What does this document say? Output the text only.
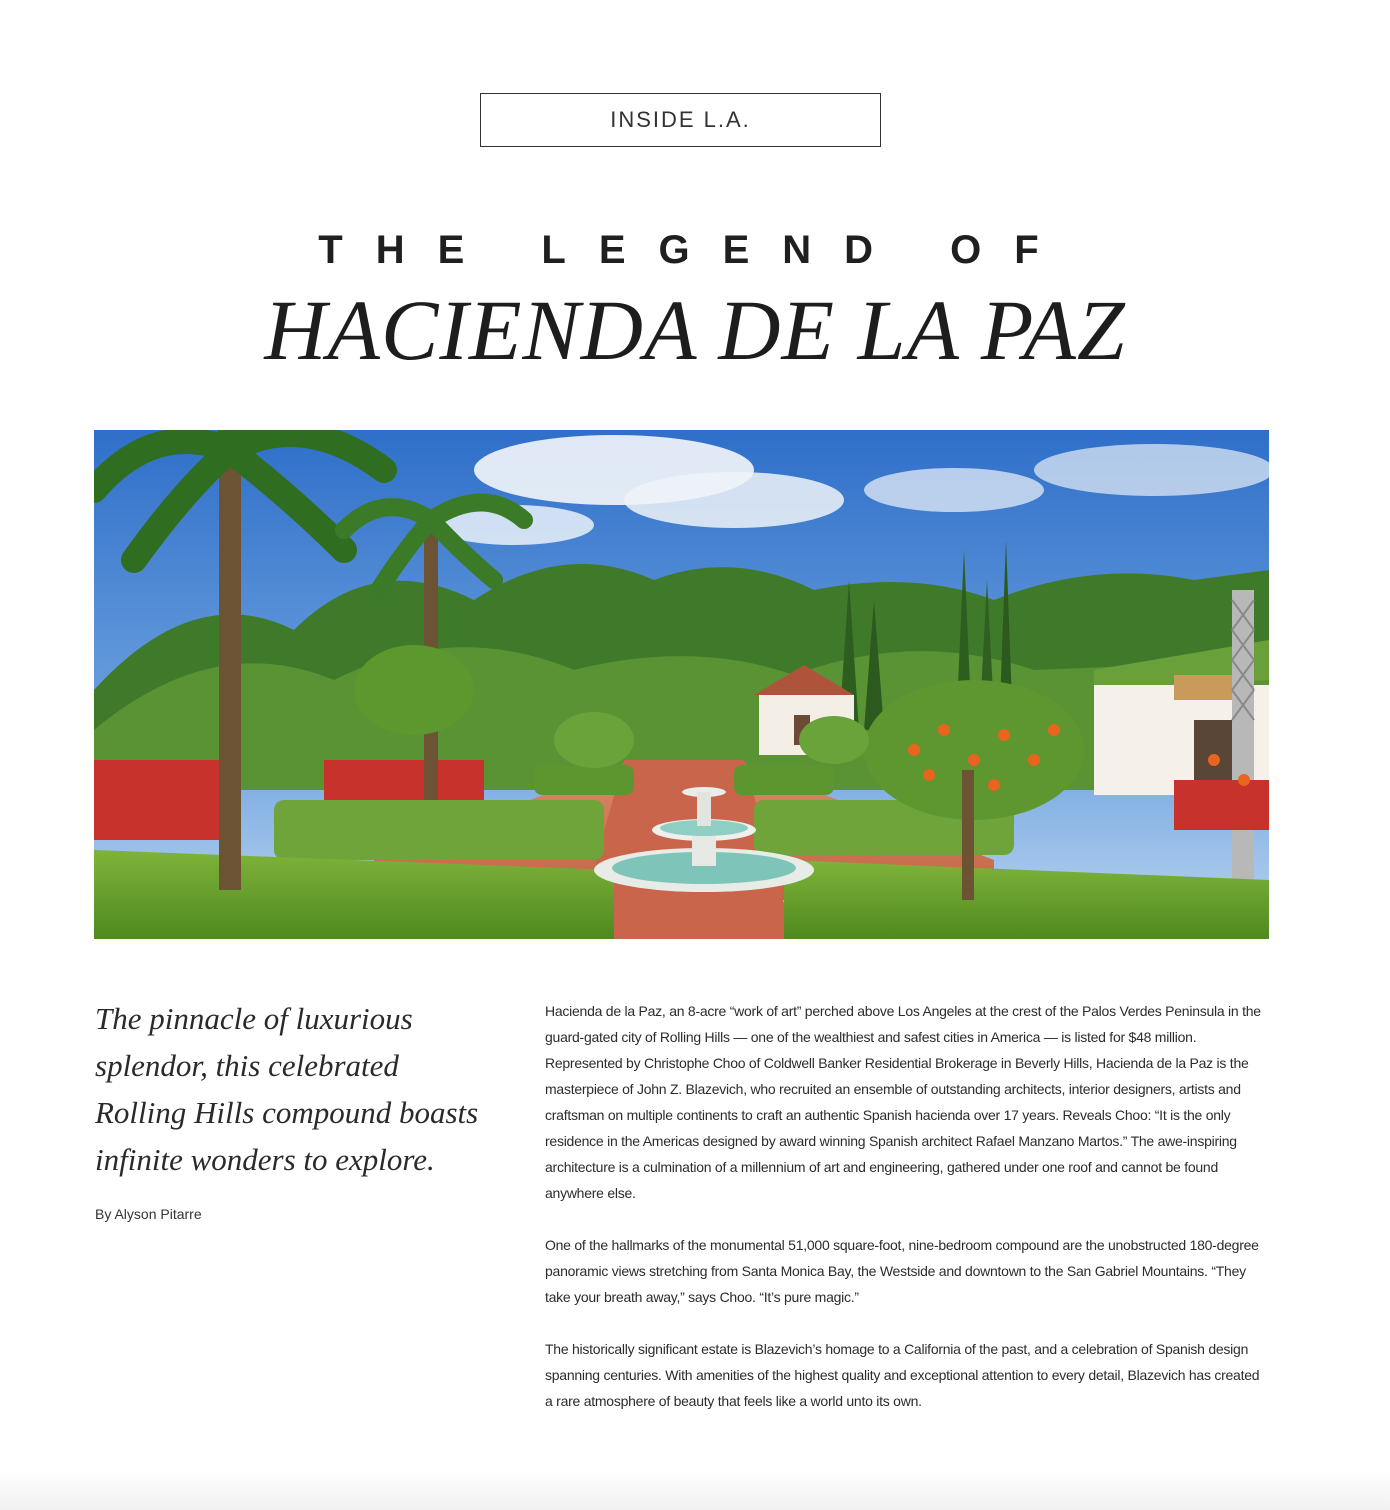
INSIDE L.A.
THE LEGEND OF
HACIENDA DE LA PAZ
The pinnacle of luxurious splendor, this celebrated Rolling Hills compound boasts infinite wonders to explore.
By Alyson Pitarre

Hacienda de la Paz, an 8-acre “work of art” perched above Los Angeles at the crest of the Palos Verdes Peninsula in the guard-gated city of Rolling Hills — one of the wealthiest and safest cities in America — is listed for $48 million. Represented by Christophe Choo of Coldwell Banker Residential Brokerage in Beverly Hills, Hacienda de la Paz is the masterpiece of John Z. Blazevich, who recruited an ensemble of outstanding architects, interior designers, artists and craftsman on multiple continents to craft an authentic Spanish hacienda over 17 years. Reveals Choo: “It is the only residence in the Americas designed by award winning Spanish architect Rafael Manzano Martos.” The awe-inspiring architecture is a culmination of a millennium of art and engineering, gathered under one roof and cannot be found anywhere else.

One of the hallmarks of the monumental 51,000 square-foot, nine-bedroom compound are the unobstructed 180-degree panoramic views stretching from Santa Monica Bay, the Westside and downtown to the San Gabriel Mountains. “They take your breath away,” says Choo. “It’s pure magic.”

The historically significant estate is Blazevich’s homage to a California of the past, and a celebration of Spanish design spanning centuries. With amenities of the highest quality and exceptional attention to every detail, Blazevich has created a rare atmosphere of beauty that feels like a world unto its own.
